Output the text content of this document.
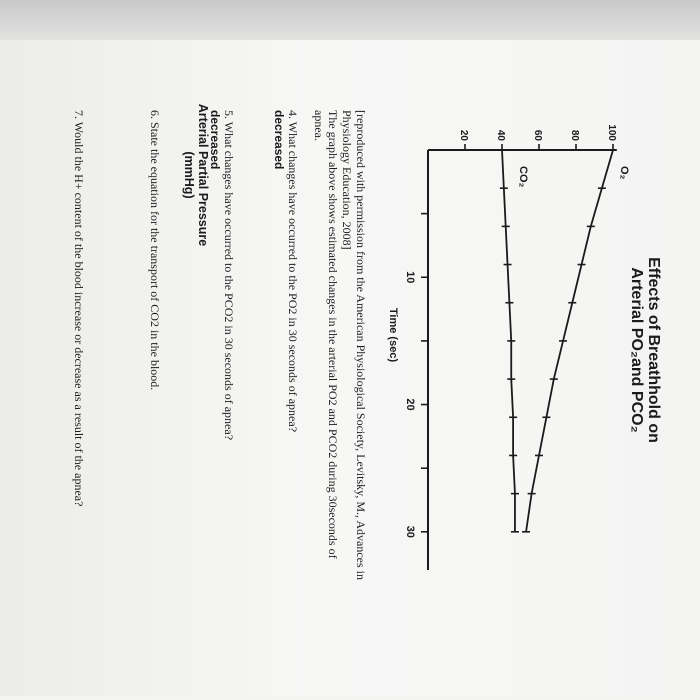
Effects of Breathhold on
Arterial PO₂and PCO₂
10
20
30
20	40	60	80	100
Time (sec)
O₂
CO₂
Arterial Partial Pressure
(mmHg)	[reproduced with permission from the American Physiological Society, Levitsky, M., Advances in Physiology Education, 2008]
The graph above shows estimated changes in the arterial PO2 and PCO2 during 30seconds of apnea.
4. What changes have occurred to the PO2 in 30 seconds of apnea?
decreased
5. What changes have occurred to the PCO2 in 30 seconds of apnea?
decreased
6. State the equation for the transport of CO2 in the blood.
7. Would the H+ content of the blood increase or decrease as a result of the apnea?
